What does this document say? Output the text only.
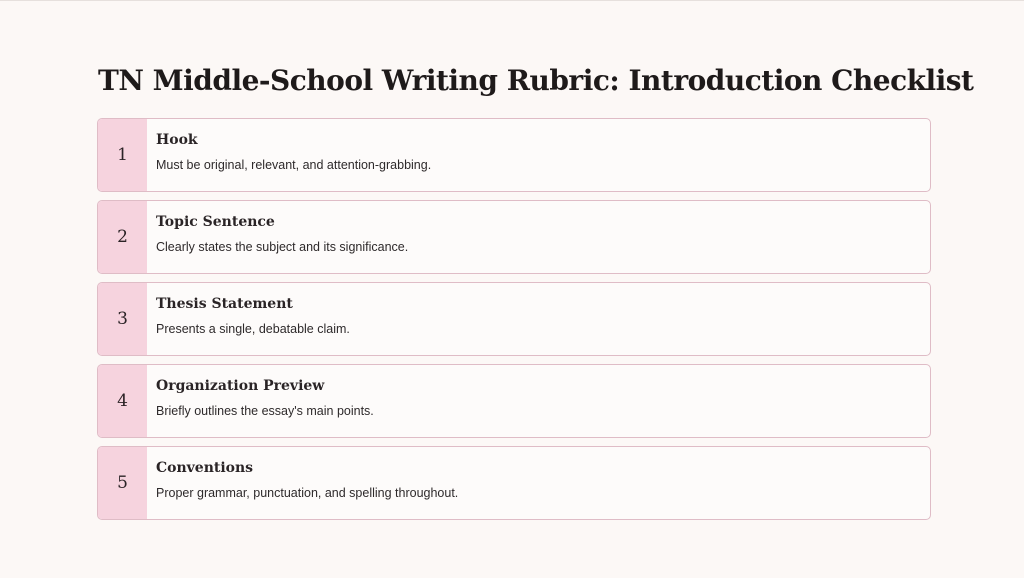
TN Middle-School Writing Rubric: Introduction Checklist
1
Hook
Must be original, relevant, and attention-grabbing.
2
Topic Sentence
Clearly states the subject and its significance.
3
Thesis Statement
Presents a single, debatable claim.
4
Organization Preview
Briefly outlines the essay's main points.
5
Conventions
Proper grammar, punctuation, and spelling throughout.
